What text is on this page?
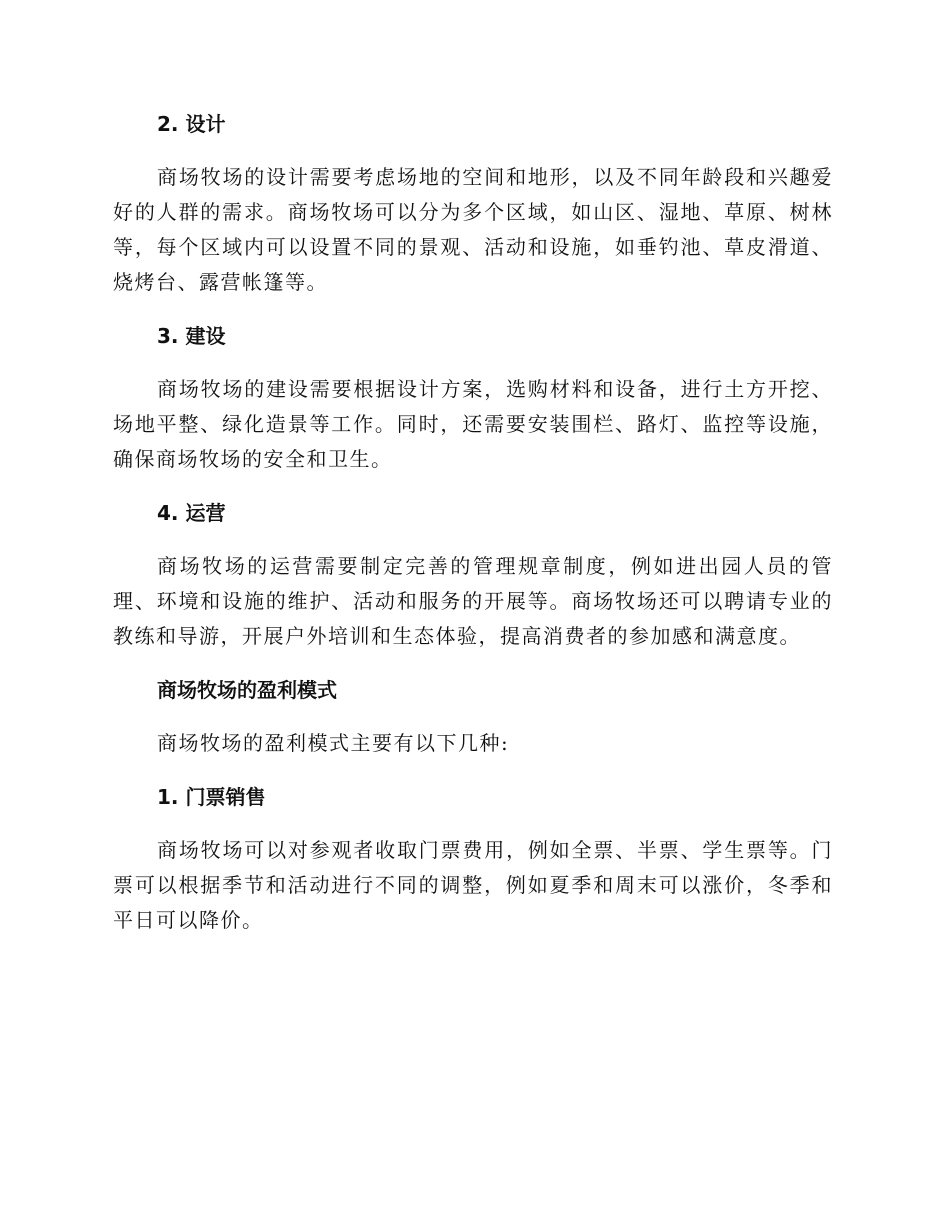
2. 设计

商场牧场的设计需要考虑场地的空间和地形，以及不同年龄段和兴趣爱好的人群的需求。商场牧场可以分为多个区域，如山区、湿地、草原、树林等，每个区域内可以设置不同的景观、活动和设施，如垂钓池、草皮滑道、烧烤台、露营帐篷等。

3. 建设

商场牧场的建设需要根据设计方案，选购材料和设备，进行土方开挖、场地平整、绿化造景等工作。同时，还需要安装围栏、路灯、监控等设施，确保商场牧场的安全和卫生。

4. 运营

商场牧场的运营需要制定完善的管理规章制度，例如进出园人员的管理、环境和设施的维护、活动和服务的开展等。商场牧场还可以聘请专业的教练和导游，开展户外培训和生态体验，提高消费者的参加感和满意度。

商场牧场的盈利模式

商场牧场的盈利模式主要有以下几种:

1. 门票销售

商场牧场可以对参观者收取门票费用，例如全票、半票、学生票等。门票可以根据季节和活动进行不同的调整，例如夏季和周末可以涨价，冬季和平日可以降价。
